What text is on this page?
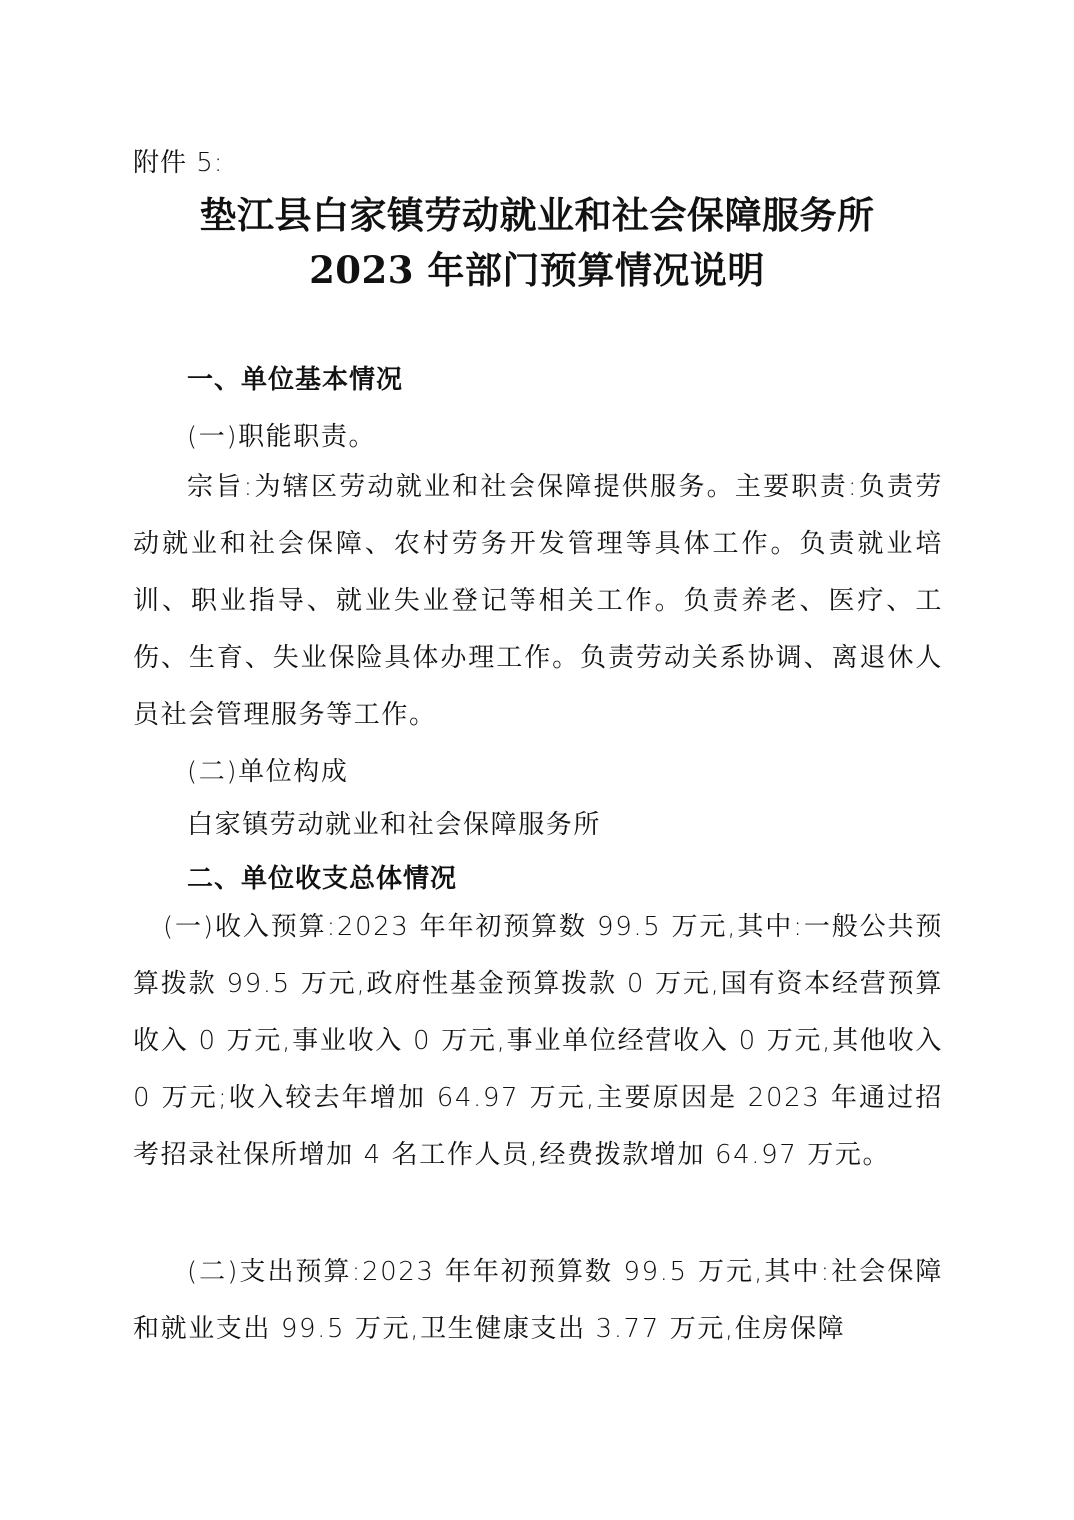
附件 5:
垫江县白家镇劳动就业和社会保障服务所
2023 年部门预算情况说明
一、单位基本情况
(一)职能职责。
宗旨:为辖区劳动就业和社会保障提供服务。主要职责:负责劳动就业和社会保障、农村劳务开发管理等具体工作。负责就业培训、职业指导、就业失业登记等相关工作。负责养老、医疗、工伤、生育、失业保险具体办理工作。负责劳动关系协调、离退休人员社会管理服务等工作。
(二)单位构成
白家镇劳动就业和社会保障服务所
二、单位收支总体情况
(一)收入预算:2023 年年初预算数 99.5 万元,其中:一般公共预算拨款 99.5 万元,政府性基金预算拨款 0 万元,国有资本经营预算收入 0 万元,事业收入 0 万元,事业单位经营收入 0 万元,其他收入 0 万元;收入较去年增加 64.97 万元,主要原因是 2023 年通过招考招录社保所增加 4 名工作人员,经费拨款增加 64.97 万元。
(二)支出预算:2023 年年初预算数 99.5 万元,其中:社会保障和就业支出 99.5 万元,卫生健康支出 3.77 万元,住房保障
